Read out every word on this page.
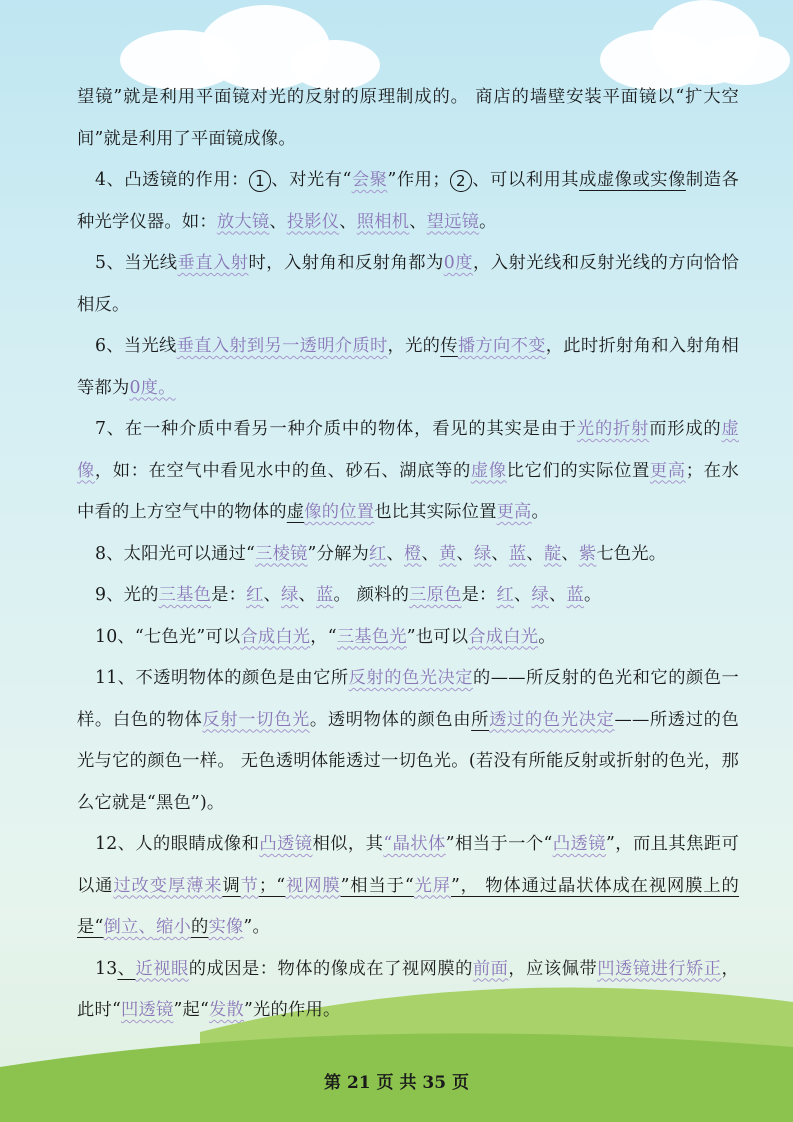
望镜”就是利用平面镜对光的反射的原理制成的。 商店的墙壁安装平面镜以“扩大空间”就是利用了平面镜成像。

4、凸透镜的作用： 1 、对光有“会聚”作用； 2 、可以利用其成虚像或实像制造各种光学仪器。如：放大镜、投影仪、照相机、望远镜。

5、当光线垂直入射时，入射角和反射角都为0度，入射光线和反射光线的方向恰恰相反。

6、当光线垂直入射到另一透明介质时，光的传播方向不变，此时折射角和入射角相等都为0度。

7、在一种介质中看另一种介质中的物体，看见的其实是由于光的折射而形成的虚像，如：在空气中看见水中的鱼、砂石、湖底等的虚像比它们的实际位置更高；在水中看的上方空气中的物体的虚像的位置也比其实际位置更高。

8、太阳光可以通过“三棱镜”分解为红、橙、黄、绿、蓝、靛、紫七色光。

9、光的三基色是：红、绿、蓝。 颜料的三原色是：红、绿、蓝。

10、“七色光”可以合成白光，“三基色光”也可以合成白光。

11、不透明物体的颜色是由它所反射的色光决定的——所反射的色光和它的颜色一样。白色的物体反射一切色光。透明物体的颜色由所透过的色光决定——所透过的色光与它的颜色一样。 无色透明体能透过一切色光。(若没有所能反射或折射的色光，那么它就是“黑色”)。

12、人的眼睛成像和凸透镜相似，其“晶状体”相当于一个“凸透镜”，而且其焦距可以通过改变厚薄来调节；“视网膜”相当于“光屏”， 物体通过晶状体成在视网膜上的是“倒立、缩小的实像”。

13、近视眼的成因是：物体的像成在了视网膜的前面，应该佩带凹透镜进行矫正，此时“凹透镜”起“发散”光的作用。

第 21 页 共 35 页
